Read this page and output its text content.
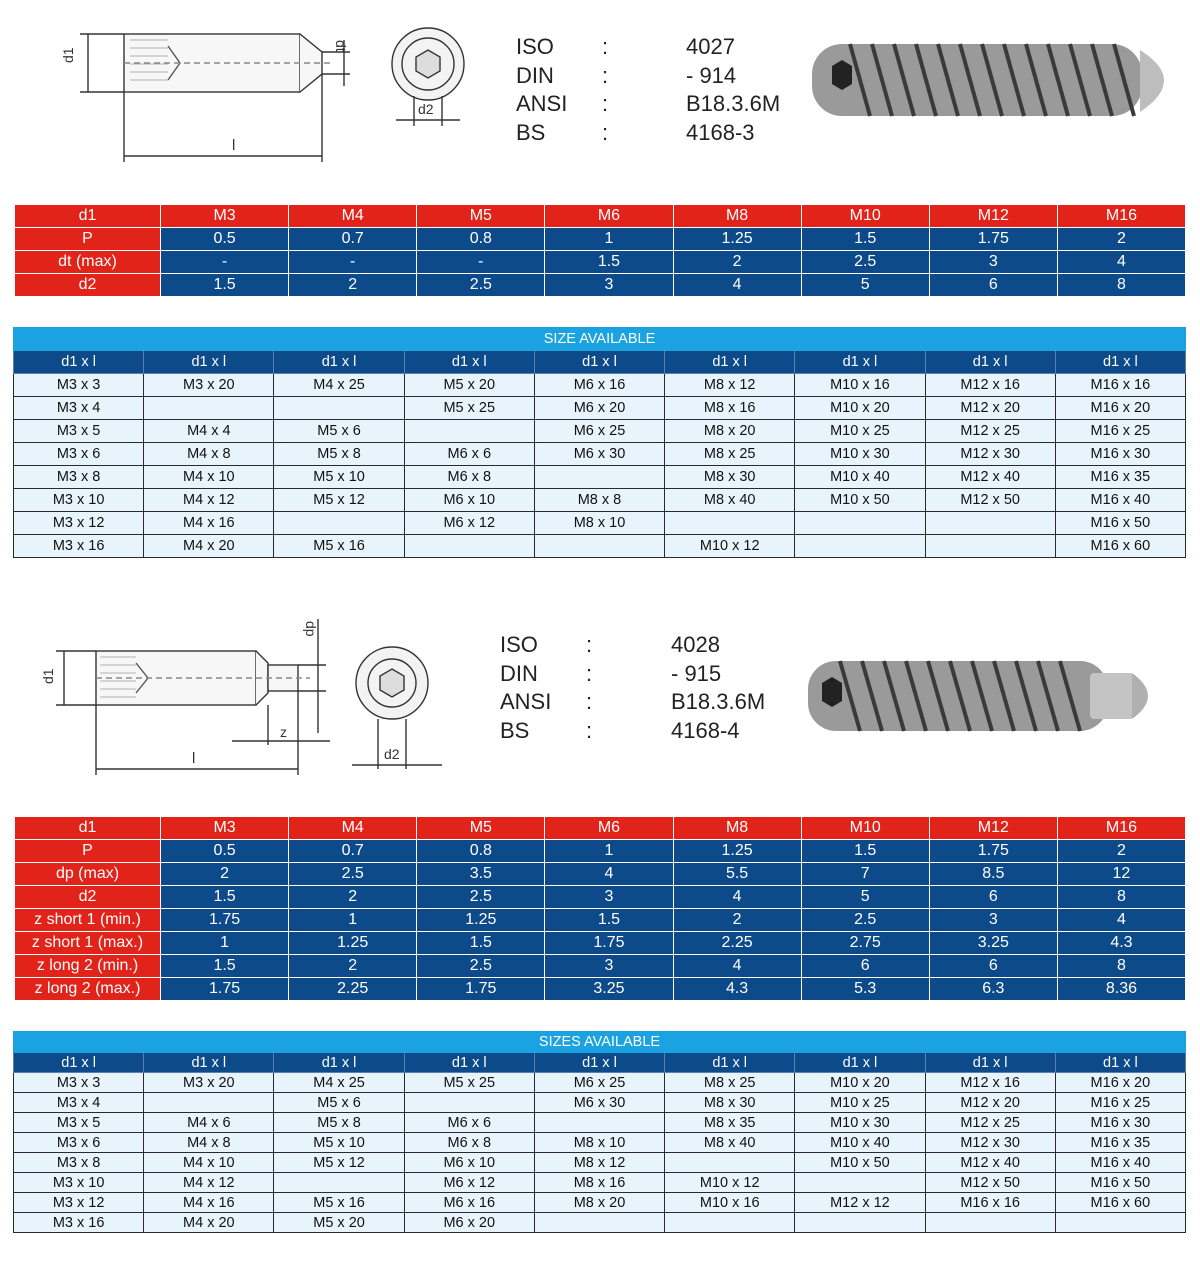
d1
dt
l
d2
ISO :	4027
DIN :	- 914
ANSI :	B18.3.6M
BS	:	4168-3
d1	M3	M4	M5	M6	M8	M10	M12	M16
P	0.5	0.7	0.8	1	1.25	1.5	1.75	2
dt (max)	-	-	-	1.5	2	2.5	3	4
d2	1.5	2	2.5	3	4	5	6	8
SIZE AVAILABLE								
d1 x l	d1 x l	d1 x l	d1 x l	d1 x l	d1 x l	d1 x l	d1 x l	d1 x l
M3 x 3	M3 x 20	M4 x 25	M5 x 20	M6 x 16	M8 x 12	M10 x 16	M12 x 16	M16 x 16
M3 x 4			M5 x 25	M6 x 20	M8 x 16	M10 x 20	M12 x 20	M16 x 20
M3 x 5	M4 x 4	M5 x 6		M6 x 25	M8 x 20	M10 x 25	M12 x 25	M16 x 25
M3 x 6	M4 x 8	M5 x 8	M6 x 6	M6 x 30	M8 x 25	M10 x 30	M12 x 30	M16 x 30
M3 x 8	M4 x 10	M5 x 10	M6 x 8		M8 x 30	M10 x 40	M12 x 40	M16 x 35
M3 x 10	M4 x 12	M5 x 12	M6 x 10	M8 x 8	M8 x 40	M10 x 50	M12 x 50	M16 x 40
M3 x 12	M4 x 16		M6 x 12	M8 x 10				M16 x 50
M3 x 16	M4 x 20	M5 x 16			M10 x 12			M16 x 60
d1
dp
z
l	d2
ISO :	4028
DIN :	- 915
ANSI :	B18.3.6M
BS	:	4168-4
d1	M3	M4	M5	M6	M8	M10	M12	M16
P	0.5	0.7	0.8	1	1.25	1.5	1.75	2
dp (max)	2	2.5	3.5	4	5.5	7	8.5	12
d2	1.5	2	2.5	3	4	5	6	8
z short 1 (min.)	1.75	1	1.25	1.5	2	2.5	3	4
z short 1 (max.)	1	1.25	1.5	1.75	2.25	2.75	3.25	4.3
z long 2 (min.)	1.5	2	2.5	3	4	6	6	8
z long 2 (max.)	1.75	2.25	1.75	3.25	4.3	5.3	6.3	8.36
SIZES AVAILABLE								
d1 x l	d1 x l	d1 x l	d1 x l	d1 x l	d1 x l	d1 x l	d1 x l	d1 x l
M3 x 3	M3 x 20	M4 x 25	M5 x 25	M6 x 25	M8 x 25	M10 x 20	M12 x 16	M16 x 20
M3 x 4		M5 x 6		M6 x 30	M8 x 30	M10 x 25	M12 x 20	M16 x 25
M3 x 5	M4 x 6	M5 x 8	M6 x 6		M8 x 35	M10 x 30	M12 x 25	M16 x 30
M3 x 6	M4 x 8	M5 x 10	M6 x 8	M8 x 10	M8 x 40	M10 x 40	M12 x 30	M16 x 35
M3 x 8	M4 x 10	M5 x 12	M6 x 10	M8 x 12		M10 x 50	M12 x 40	M16 x 40
M3 x 10	M4 x 12		M6 x 12	M8 x 16	M10 x 12		M12 x 50	M16 x 50
M3 x 12	M4 x 16	M5 x 16	M6 x 16	M8 x 20	M10 x 16	M12 x 12	M16 x 16	M16 x 60
M3 x 16	M4 x 20	M5 x 20	M6 x 20					
